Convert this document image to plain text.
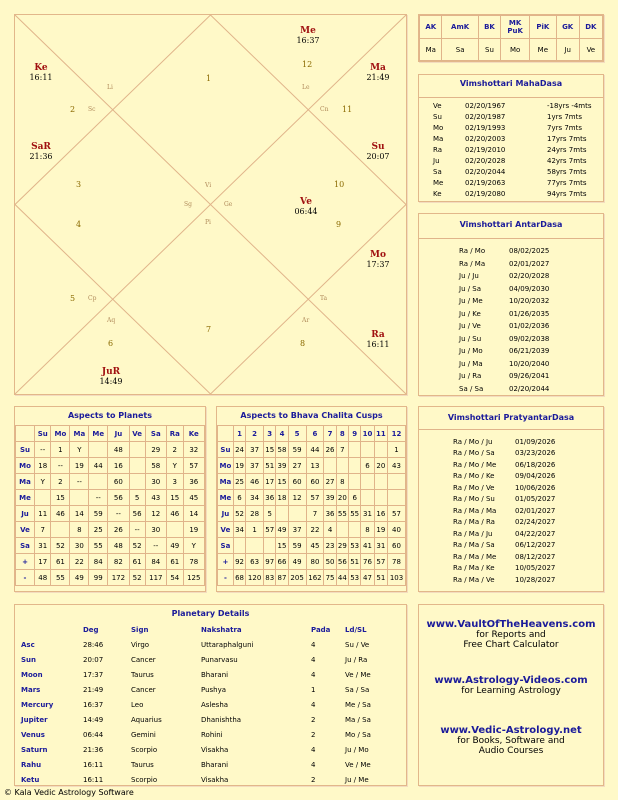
1
2
3
4
5
6
7
8
9
10
11
12
Li
Sc
Sg
Cp
Aq
Pi
Ge
Ta
Ar
Cn
Le
Vi
Me
16:37
Ke
16:11
Ma
21:49
SaR
21:36
Su
20:07
Ve
06:44
Mo
17:37
Ra
16:11
JuR
14:49
AK	AmK	BK	MK PuK	PiK	GK	DK
Ma	Sa	Su	Mo	Me	Ju	Ve
Vimshottari MahaDasa
Ve	02/20/1967	-18yrs -4mts
Su	02/20/1987	1yrs 7mts
Mo	02/19/1993	7yrs 7mts
Ma	02/20/2003	17yrs 7mts
Ra	02/19/2010	24yrs 7mts
Ju	02/20/2028	42yrs 7mts
Sa	02/20/2044	58yrs 7mts
Me	02/19/2063	77yrs 7mts
Ke	02/19/2080	94yrs 7mts
Vimshottari AntarDasa
Ra / Mo	08/02/2025
Ra / Ma	02/01/2027
Ju / Ju	02/20/2028
Ju / Sa	04/09/2030
Ju / Me	10/20/2032
Ju / Ke	01/26/2035
Ju / Ve	01/02/2036
Ju / Su	09/02/2038
Ju / Mo	06/21/2039
Ju / Ma	10/20/2040
Ju / Ra	09/26/2041
Sa / Sa	02/20/2044
Aspects to Planets
	Su	Mo	Ma	Me	Ju	Ve	Sa	Ra	Ke
Su	--	1	Y		48		29	2	32
Mo	18	--	19	44	16		58	Y	57
Ma	Y	2	--		60		30	3	36
Me		15		--	56	5	43	15	45
Ju	11	46	14	59	--	56	12	46	14
Ve	7		8	25	26	--	30		19
Sa	31	52	30	55	48	52	--	49	Y
+	17	61	22	84	82	61	84	61	78
-	48	55	49	99	172	52	117	54	125
Aspects to Bhava Chalita Cusps
	1	2	3	4	5	6	7	8	9	10	11	12
Su	24	37	15	58	59	44	26	7				1
Mo	19	37	51	39	27	13				6	20	43
Ma	25	46	17	15	60	60	27	8				
Me	6	34	36	18	12	57	39	20	6			
Ju	52	28	5			7	36	55	55	31	16	57
Ve	34	1	57	49	37	22	4			8	19	40
Sa				15	59	45	23	29	53	41	31	60
+	92	63	97	66	49	80	50	56	51	76	57	78
-	68	120	83	87	205	162	75	44	53	47	51	103
Vimshottari PratyantarDasa
Ra / Mo / Ju	01/09/2026
Ra / Mo / Sa	03/23/2026
Ra / Mo / Me	06/18/2026
Ra / Mo / Ke	09/04/2026
Ra / Mo / Ve	10/06/2026
Ra / Mo / Su	01/05/2027
Ra / Ma / Ma	02/01/2027
Ra / Ma / Ra	02/24/2027
Ra / Ma / Ju	04/22/2027
Ra / Ma / Sa	06/12/2027
Ra / Ma / Me	08/12/2027
Ra / Ma / Ke	10/05/2027
Ra / Ma / Ve	10/28/2027
Planetary Details
	Deg	Sign	Nakshatra	Pada	Ld/SL
Asc	28:46	Virgo	Uttaraphalguni	4	Su / Ve
Sun	20:07	Cancer	Punarvasu	4	Ju / Ra
Moon	17:37	Taurus	Bharani	4	Ve / Me
Mars	21:49	Cancer	Pushya	1	Sa / Sa
Mercury	16:37	Leo	Aslesha	4	Me / Sa
Jupiter	14:49	Aquarius	Dhanishtha	2	Ma / Sa
Venus	06:44	Gemini	Rohini	2	Mo / Sa
Saturn	21:36	Scorpio	Visakha	4	Ju / Mo
Rahu	16:11	Taurus	Bharani	4	Ve / Me
Ketu	16:11	Scorpio	Visakha	2	Ju / Me
www.VaultOfTheHeavens.com
for Reports and
Free Chart Calculator
www.Astrology-Videos.com
for Learning Astrology
www.Vedic-Astrology.net
for Books, Software and
Audio Courses
© Kala Vedic Astrology Software
